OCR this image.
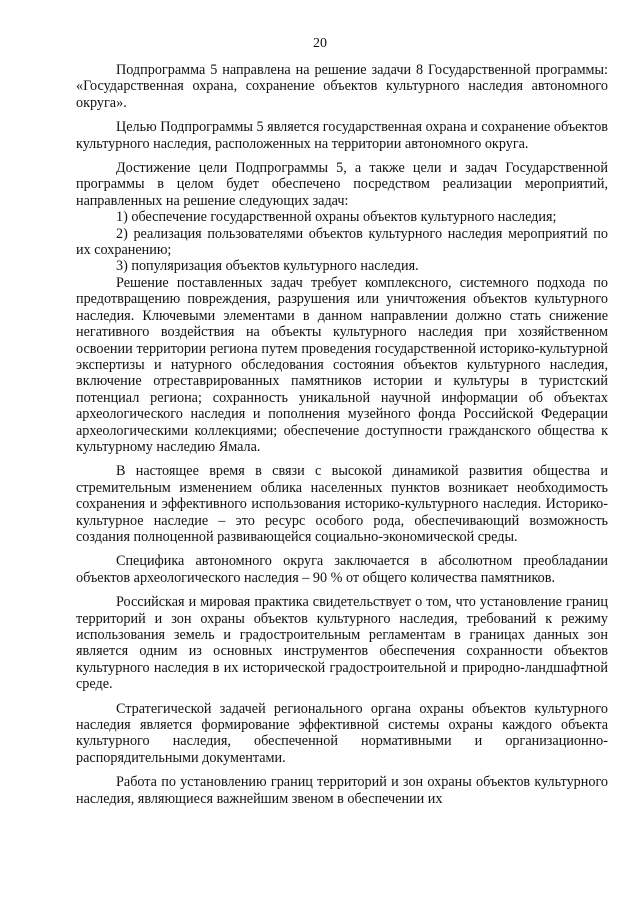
20

Подпрограмма 5 направлена на решение задачи 8 Государственной программы: «Государственная охрана, сохранение объектов культурного наследия автономного округа».

Целью Подпрограммы 5 является государственная охрана и сохранение объектов культурного наследия, расположенных на территории автономного округа.

Достижение цели Подпрограммы 5, а также цели и задач Государственной программы в целом будет обеспечено посредством реализации мероприятий, направленных на решение следующих задач:

1) обеспечение государственной охраны объектов культурного наследия;

2) реализация пользователями объектов культурного наследия мероприятий по их сохранению;

3) популяризация объектов культурного наследия.

Решение поставленных задач требует комплексного, системного подхода по предотвращению повреждения, разрушения или уничтожения объектов культурного наследия. Ключевыми элементами в данном направлении должно стать снижение негативного воздействия на объекты культурного наследия при хозяйственном освоении территории региона путем проведения государственной историко-культурной экспертизы и натурного обследования состояния объектов культурного наследия, включение отреставрированных памятников истории и культуры в туристский потенциал региона; сохранность уникальной научной информации об объектах археологического наследия и пополнения музейного фонда Российской Федерации археологическими коллекциями; обеспечение доступности гражданского общества к культурному наследию Ямала.

В настоящее время в связи с высокой динамикой развития общества и стремительным изменением облика населенных пунктов возникает необходимость сохранения и эффективного использования историко-культурного наследия. Историко-культурное наследие – это ресурс особого рода, обеспечивающий возможность создания полноценной развивающейся социально-экономической среды.

Специфика автономного округа заключается в абсолютном преобладании объектов археологического наследия – 90 % от общего количества памятников.

Российская и мировая практика свидетельствует о том, что установление границ территорий и зон охраны объектов культурного наследия, требований к режиму использования земель и градостроительным регламентам в границах данных зон является одним из основных инструментов обеспечения сохранности объектов культурного наследия в их исторической градостроительной и природно-ландшафтной среде.

Стратегической задачей регионального органа охраны объектов культурного наследия является формирование эффективной системы охраны каждого объекта культурного наследия, обеспеченной нормативными и организационно-распорядительными документами.

Работа по установлению границ территорий и зон охраны объектов культурного наследия, являющиеся важнейшим звеном в обеспечении их
